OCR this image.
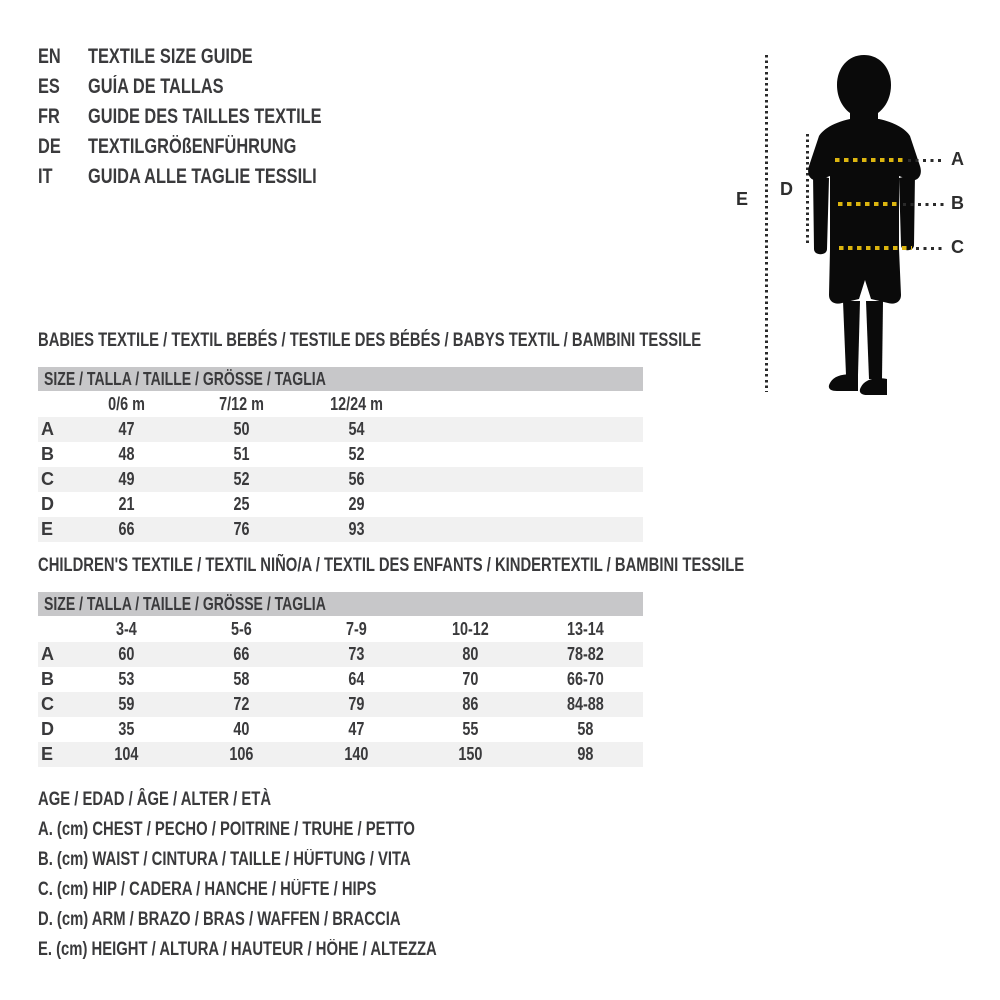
EN TEXTILE SIZE GUIDE
ES GUÍA DE TALLAS
FR GUIDE DES TAILLES TEXTILE
DE TEXTILGRÖßENFÜHRUNG
IT GUIDA ALLE TAGLIE TESSILI
E D
A
B
C
BABIES TEXTILE / TEXTIL BEBÉS / TESTILE DES BÉBÉS / BABYS TEXTIL / BAMBINI TESSILE
SIZE / TALLA / TAILLE / GRÖSSE / TAGLIA
0/6 m	7/12 m	12/24 m
A	47	50	54
B	48	51	52
C	49	52	56
D	21	25	29
E	66	76	93
CHILDREN'S TEXTILE / TEXTIL NIÑO/A / TEXTIL DES ENFANTS / KINDERTEXTIL / BAMBINI TESSILE
SIZE / TALLA / TAILLE / GRÖSSE / TAGLIA
3-4	5-6	7-9	10-12	13-14
A	60	66	73	80	78-82
B	53	58	64	70	66-70
C	59	72	79	86	84-88
D	35	40	47	55	58
E	104	106	140	150	98
AGE / EDAD / ÂGE / ALTER / ETÀ
A. (cm) CHEST / PECHO / POITRINE / TRUHE / PETTO
B. (cm) WAIST / CINTURA / TAILLE / HÜFTUNG / VITA
C. (cm) HIP / CADERA / HANCHE / HÜFTE / HIPS
D. (cm) ARM / BRAZO / BRAS / WAFFEN / BRACCIA
E. (cm) HEIGHT / ALTURA / HAUTEUR / HÖHE / ALTEZZA
